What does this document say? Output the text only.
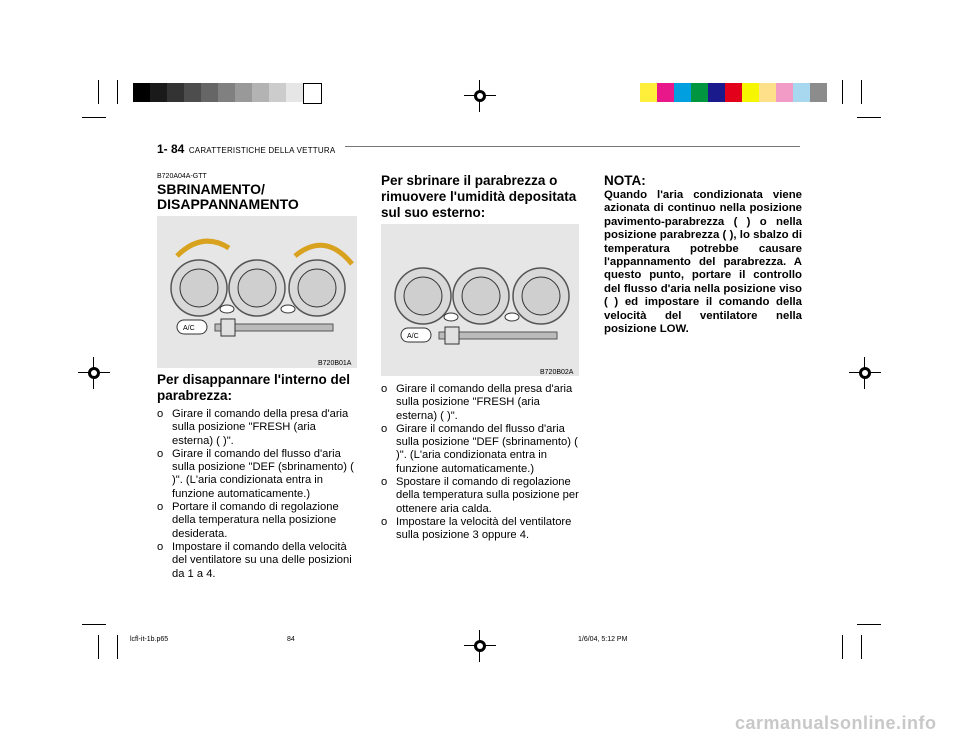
1- 84 CARATTERISTICHE DELLA VETTURA
B720A04A-GTT
SBRINAMENTO/ DISAPPANNAMENTO
A/C
B720B01A
Per disappannare l'interno del parabrezza:

o Girare il comando della presa d'aria sulla posizione "FRESH (aria esterna) ( )".

o Girare il comando del flusso d'aria sulla posizione "DEF (sbrinamento) ( )". (L'aria condizionata entra in funzione automaticamente.)

o Portare il comando di regolazione della temperatura nella posizione desiderata.

o Impostare il comando della velocità del ventilatore su una delle posizioni da 1 a 4.

Per sbrinare il parabrezza o rimuovere l'umidità depositata sul suo esterno:
A/C
B720B02A

o Girare il comando della presa d'aria sulla posizione "FRESH (aria esterna) ( )".

o Girare il comando del flusso d'aria sulla posizione "DEF (sbrinamento) ( )". (L'aria condizionata entra in funzione automaticamente.)

o Spostare il comando di regolazione della temperatura sulla posizione per ottenere aria calda.

o Impostare la velocità del ventilatore sulla posizione 3 oppure 4.

NOTA:
Quando l'aria condizionata viene azionata di continuo nella posizione pavimento-parabrezza ( ) o nella posizione parabrezza ( ), lo sbalzo di temperatura potrebbe causare l'appannamento del parabrezza. A questo punto, portare il controllo del flusso d'aria nella posizione viso ( ) ed impostare il comando della velocità del ventilatore nella posizione LOW.
lcfl-it-1b.p65	84	1/6/04, 5:12 PM
carmanualsonline.info
